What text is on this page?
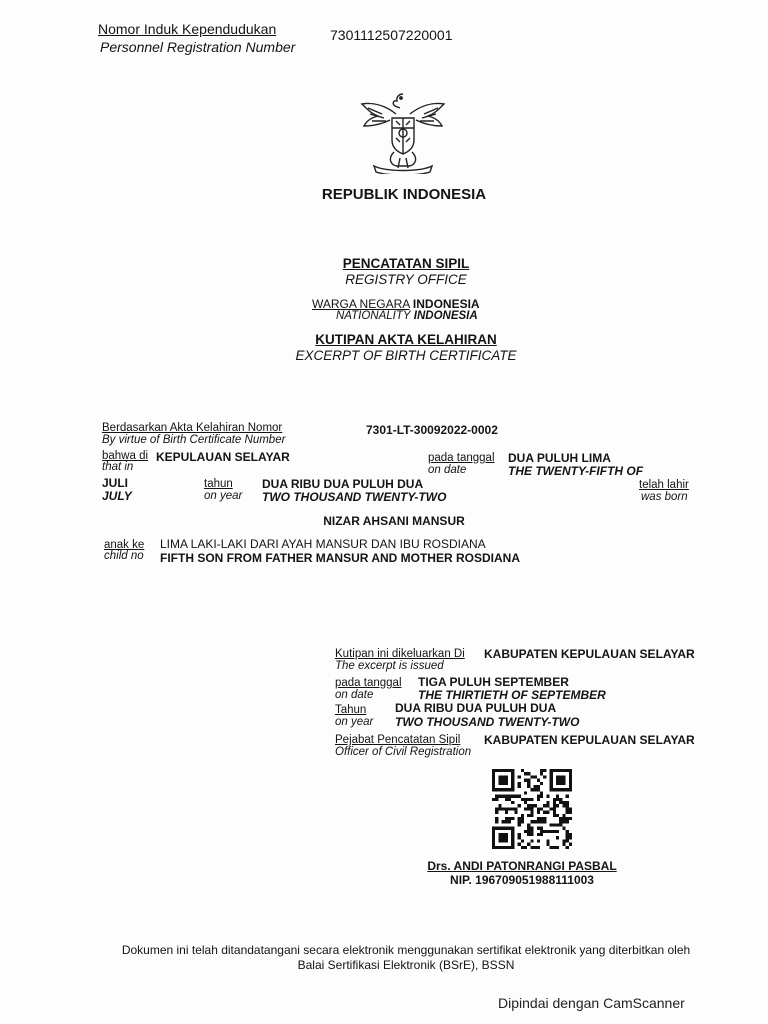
Nomor Induk Kependudukan
Personnel Registration Number
7301112507220001
REPUBLIK INDONESIA
PENCATATAN SIPIL
REGISTRY OFFICE
WARGA NEGARA INDONESIA
NATIONALITY INDONESIA
KUTIPAN AKTA KELAHIRAN
EXCERPT OF BIRTH CERTIFICATE
Berdasarkan Akta Kelahiran Nomor
By virtue of Birth Certificate Number
7301-LT-30092022-0002
bahwa di KEPULAUAN SELAYAR
that in
pada tanggal
on date
DUA PULUH LIMA
THE TWENTY-FIFTH OF
JULI
JULY
tahun
on year
DUA RIBU DUA PULUH DUA
TWO THOUSAND TWENTY-TWO
telah lahir
was born
NIZAR AHSANI MANSUR
anak ke
child no
LIMA LAKI-LAKI DARI AYAH MANSUR DAN IBU ROSDIANA
FIFTH SON FROM FATHER MANSUR AND MOTHER ROSDIANA
Kutipan ini dikeluarkan Di
The excerpt is issued
KABUPATEN KEPULAUAN SELAYAR
pada tanggal
on date
TIGA PULUH SEPTEMBER
THE THIRTIETH OF SEPTEMBER
Tahun
on year
DUA RIBU DUA PULUH DUA
TWO THOUSAND TWENTY-TWO
Pejabat Pencatatan Sipil
Officer of Civil Registration
KABUPATEN KEPULAUAN SELAYAR
Drs. ANDI PATONRANGI PASBAL
NIP. 196709051988111003
Dokumen ini telah ditandatangani secara elektronik menggunakan sertifikat elektronik yang diterbitkan oleh
Balai Sertifikasi Elektronik (BSrE), BSSN
Dipindai dengan CamScanner
